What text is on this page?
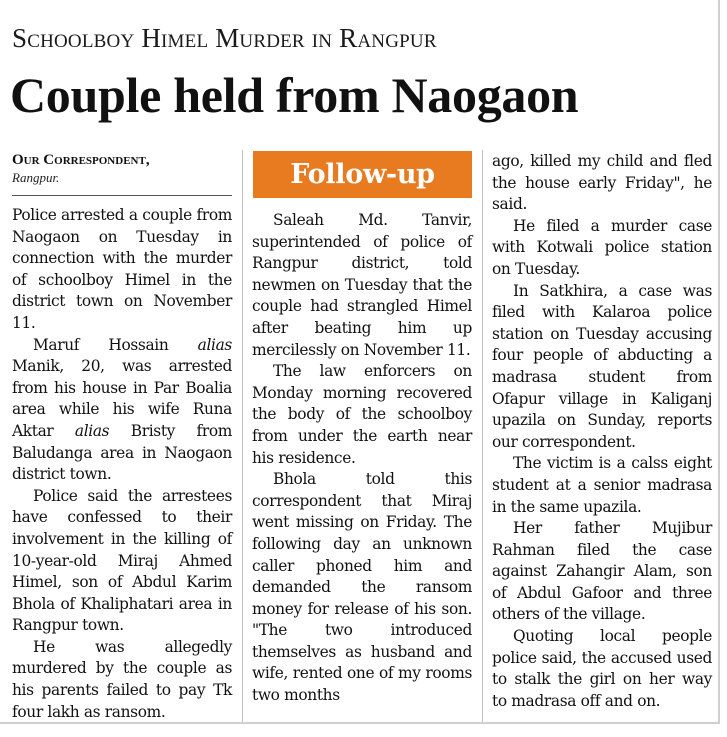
Schoolboy Himel Murder in Rangpur
Couple held from Naogaon
Our Correspondent,
Rangpur.	Follow-up

Police arrested a couple from Naogaon on Tuesday in connection with the murder of schoolboy Himel in the district town on November 11.

Maruf Hossain alias Manik, 20, was arrested from his house in Par Boalia area while his wife Runa Aktar alias Bristy from Baludanga area in Naogaon district town.

Police said the arrestees have confessed to their involvement in the killing of 10-year-old Miraj Ahmed Himel, son of Abdul Karim Bhola of Khaliphatari area in Rangpur town.

He was allegedly murdered by the couple as his parents failed to pay Tk four lakh as ransom.

Saleah Md. Tanvir, superintended of police of Rangpur district, told newmen on Tuesday that the couple had strangled Himel after beating him up mercilessly on November 11.

The law enforcers on Monday morning recovered the body of the schoolboy from under the earth near his residence.

Bhola told this correspondent that Miraj went missing on Friday. The following day an unknown caller phoned him and demanded the ransom money for release of his son. "The two introduced themselves as husband and wife, rented one of my rooms two months

ago, killed my child and fled the house early Friday", he said.

He filed a murder case with Kotwali police station on Tuesday.

In Satkhira, a case was filed with Kalaroa police station on Tuesday accusing four people of abducting a madrasa student from Ofapur village in Kaliganj upazila on Sunday, reports our correspondent.

The victim is a calss eight student at a senior madrasa in the same upazila.

Her father Mujibur Rahman filed the case against Zahangir Alam, son of Abdul Gafoor and three others of the village.

Quoting local people police said, the accused used to stalk the girl on her way to madrasa off and on.
